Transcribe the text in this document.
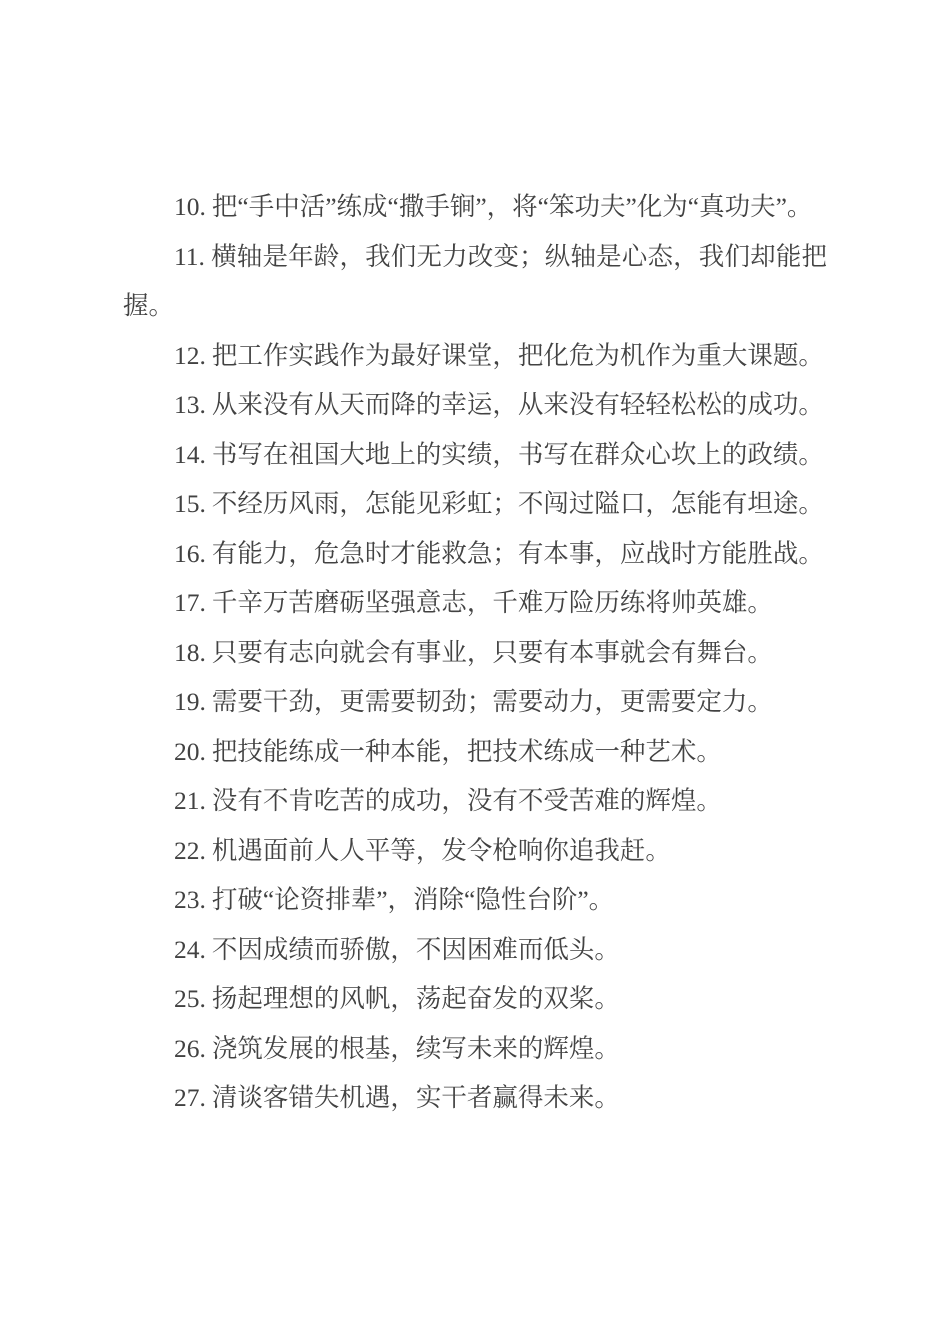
10. 把“手中活”练成“撒手锏”，将“笨功夫”化为“真功夫”。

11. 横轴是年龄，我们无力改变；纵轴是心态，我们却能把握。

12. 把工作实践作为最好课堂，把化危为机作为重大课题。

13. 从来没有从天而降的幸运，从来没有轻轻松松的成功。

14. 书写在祖国大地上的实绩，书写在群众心坎上的政绩。

15. 不经历风雨，怎能见彩虹；不闯过隘口，怎能有坦途。

16. 有能力，危急时才能救急；有本事，应战时方能胜战。

17. 千辛万苦磨砺坚强意志，千难万险历练将帅英雄。

18. 只要有志向就会有事业，只要有本事就会有舞台。

19. 需要干劲，更需要韧劲；需要动力，更需要定力。

20. 把技能练成一种本能，把技术练成一种艺术。

21. 没有不肯吃苦的成功，没有不受苦难的辉煌。

22. 机遇面前人人平等，发令枪响你追我赶。

23. 打破“论资排辈”，消除“隐性台阶”。

24. 不因成绩而骄傲，不因困难而低头。

25. 扬起理想的风帆，荡起奋发的双桨。

26. 浇筑发展的根基，续写未来的辉煌。

27. 清谈客错失机遇，实干者赢得未来。
